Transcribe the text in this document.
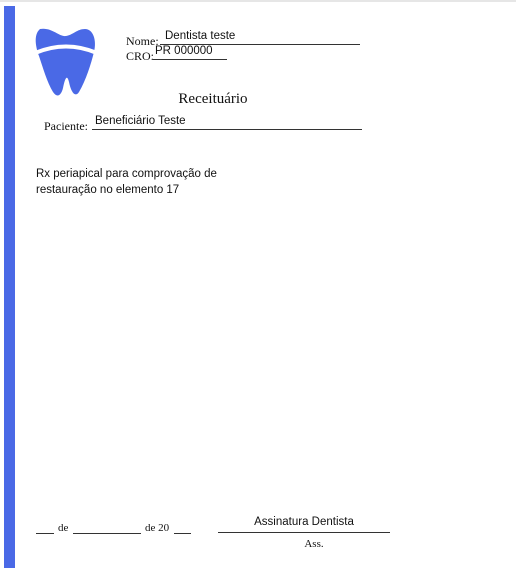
Nome: Dentista teste
CRO: PR 000000
Receituário
Paciente: Beneficiário Teste
Rx periapical para comprovação de
restauração no elemento 17
de	de 20	Assinatura Dentista
Ass.
